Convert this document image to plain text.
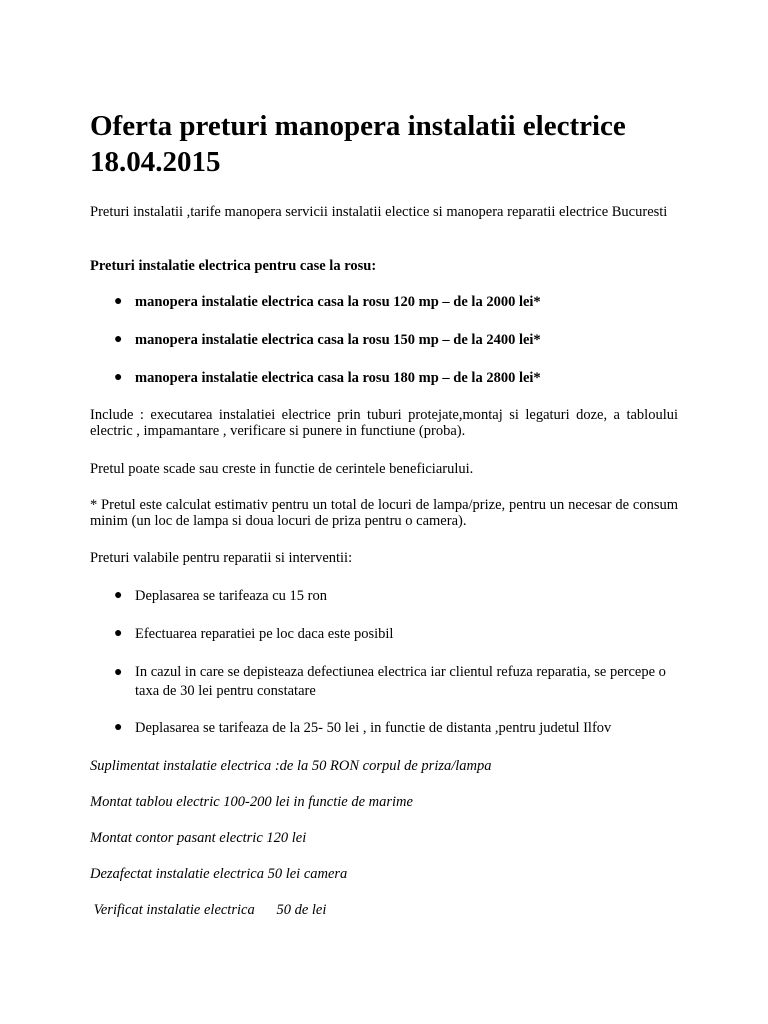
Oferta preturi manopera instalatii electrice 18.04.2015

Preturi instalatii ,tarife manopera servicii instalatii electice si manopera reparatii electrice Bucuresti

Preturi instalatie electrica pentru case la rosu:

● manopera instalatie electrica casa la rosu 120 mp – de la 2000 lei*
● manopera instalatie electrica casa la rosu 150 mp – de la 2400 lei*
● manopera instalatie electrica casa la rosu 180 mp – de la 2800 lei*

Include : executarea instalatiei electrice prin tuburi protejate,montaj si legaturi doze, a tabloului electric , impamantare , verificare si punere in functiune (proba).

Pretul poate scade sau creste in functie de cerintele beneficiarului.

* Pretul este calculat estimativ pentru un total de locuri de lampa/prize, pentru un necesar de consum minim (un loc de lampa si doua locuri de priza pentru o camera).

Preturi valabile pentru reparatii si interventii:

● Deplasarea se tarifeaza cu 15 ron
● Efectuarea reparatiei pe loc daca este posibil
● In cazul in care se depisteaza defectiunea electrica iar clientul refuza reparatia, se percepe o taxa de 30 lei pentru constatare
● Deplasarea se tarifeaza de la 25- 50 lei , in functie de distanta ,pentru judetul Ilfov

Suplimentat instalatie electrica :de la 50 RON corpul de priza/lampa

Montat tablou electric 100-200 lei in functie de marime

Montat contor pasant electric 120 lei

Dezafectat instalatie electrica 50 lei camera

Verificat instalatie electrica      50 de lei
